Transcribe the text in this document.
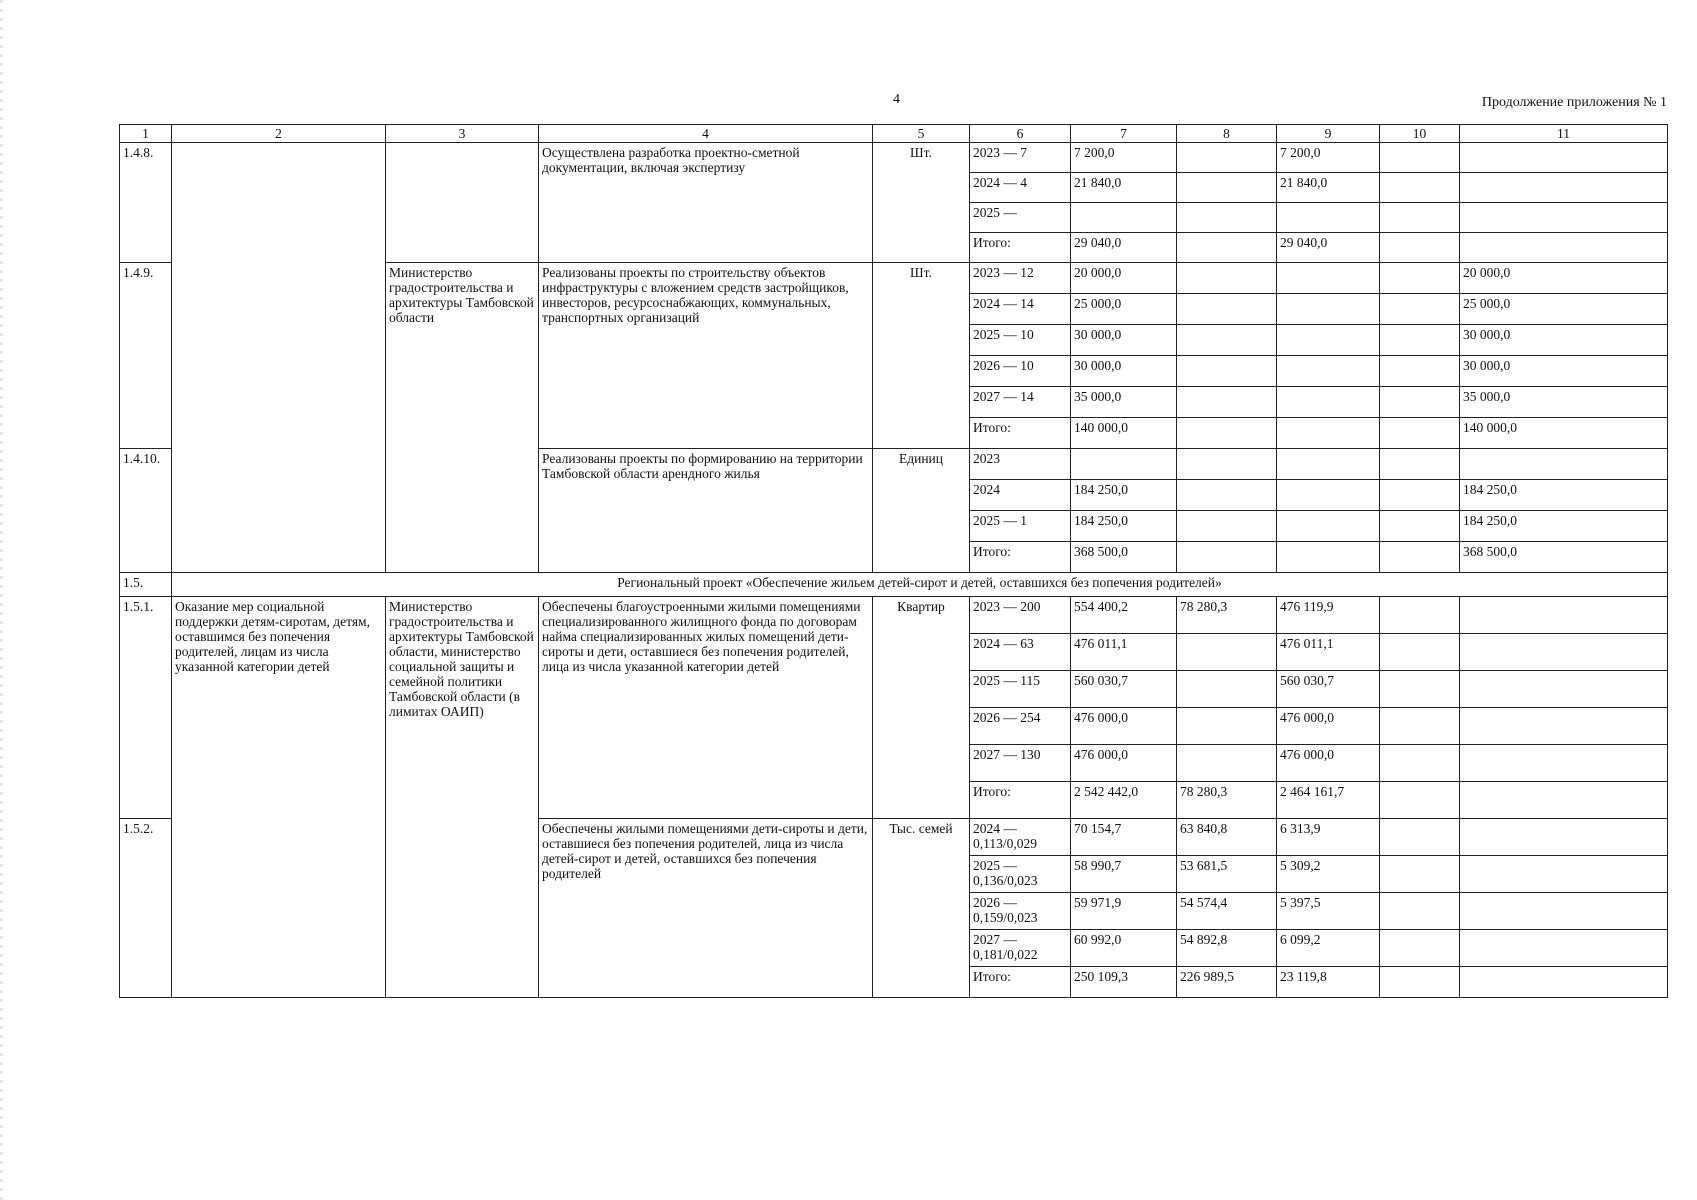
4	Продолжение приложения № 1
1	2	3	4	5	6	7	8	9	10	11
1.4.8.			Осуществлена разработка проектно-сметной документации, включая экспертизу	Шт.	2023 — 7	7 200,0		7 200,0		
					2024 — 4	21 840,0		21 840,0		
					2025 —					
					Итого:	29 040,0		29 040,0		
1.4.9.		Министерство градостроительства и архитектуры Тамбовской области	Реализованы проекты по строительству объектов инфраструктуры с вложением средств застройщиков, инвесторов, ресурсоснабжающих, коммунальных, транспортных организаций	Шт.	2023 — 12	20 000,0				20 000,0
					2024 — 14	25 000,0				25 000,0
					2025 — 10	30 000,0				30 000,0
					2026 — 10	30 000,0				30 000,0
					2027 — 14	35 000,0				35 000,0
					Итого:	140 000,0				140 000,0
1.4.10.			Реализованы проекты по формированию на территории Тамбовской области арендного жилья	Единиц	2023					
					2024	184 250,0				184 250,0
					2025 — 1	184 250,0				184 250,0
					Итого:	368 500,0				368 500,0
1.5.	Региональный проект «Обеспечение жильем детей-сирот и детей, оставшихся без попечения родителей»									
1.5.1.	Оказание мер социальной поддержки детям-сиротам, детям, оставшимся без попечения родителей, лицам из числа указанной категории детей	Министерство градостроительства и архитектуры Тамбовской области, министерство социальной защиты и семейной политики Тамбовской области (в лимитах ОАИП)	Обеспечены благоустроенными жилыми помещениями специализированного жилищного фонда по договорам найма специализированных жилых помещений дети-сироты и дети, оставшиеся без попечения родителей, лица из числа указанной категории детей	Квартир	2023 — 200	554 400,2	78 280,3	476 119,9		
					2024 — 63	476 011,1		476 011,1		
					2025 — 115	560 030,7		560 030,7		
					2026 — 254	476 000,0		476 000,0		
					2027 — 130	476 000,0		476 000,0		
					Итого:	2 542 442,0	78 280,3	2 464 161,7		
1.5.2.			Обеспечены жилыми помещениями дети-сироты и дети, оставшиеся без попечения родителей, лица из числа детей-сирот и детей, оставшихся без попечения родителей	Тыс. семей	2024 — 0,113/0,029	70 154,7	63 840,8	6 313,9		
					2025 — 0,136/0,023	58 990,7	53 681,5	5 309,2		
					2026 — 0,159/0,023	59 971,9	54 574,4	5 397,5		
					2027 — 0,181/0,022	60 992,0	54 892,8	6 099,2		
					Итого:	250 109,3	226 989,5	23 119,8		
